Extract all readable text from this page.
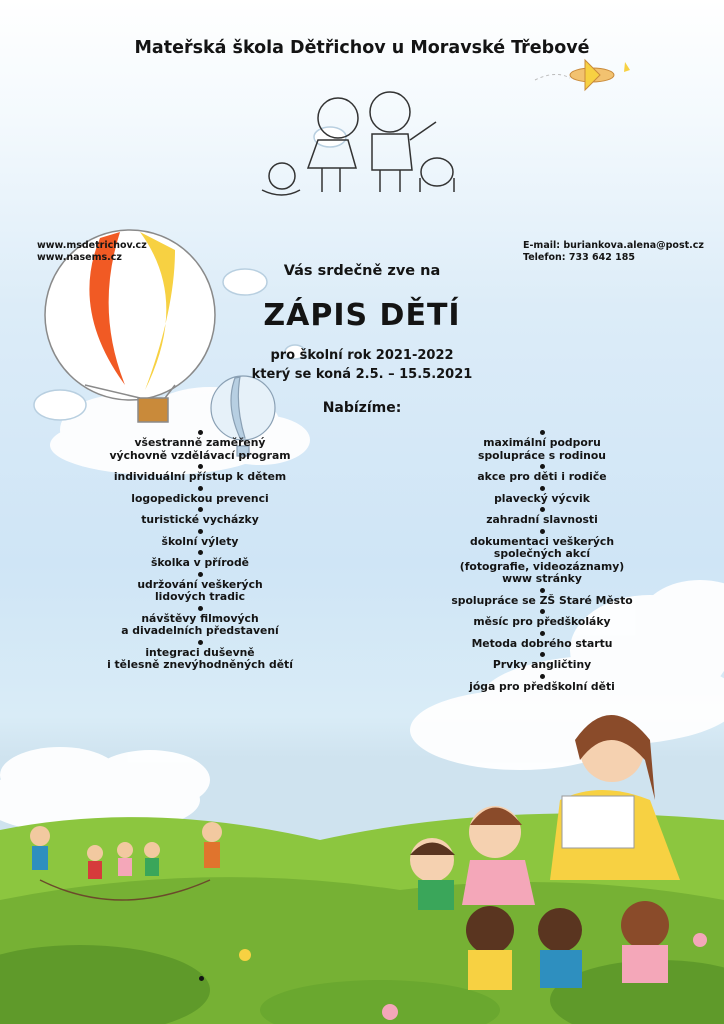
Mateřská škola Dětřichov u Moravské Třebové
www.msdetrichov.cz
www.nasems.cz
E-mail: buriankova.alena@post.cz
Telefon: 733 642 185
Vás srdečně zve na
ZÁPIS DĚTÍ
pro školní rok 2021-2022
který se koná 2.5. – 15.5.2021
Nabízíme:
všestranně zaměřený
výchovně vzdělávací program
individuální přístup k dětem
logopedickou prevenci
turistické vycházky
školní výlety
školka v přírodě
udržování veškerých
lidových tradic
návštěvy filmových
a divadelních představení
integraci duševně
i tělesně znevýhodněných dětí
maximální podporu
spolupráce s rodinou
akce pro děti i rodiče
plavecký výcvik
zahradní slavnosti
dokumentaci veškerých
společných akcí
(fotografie, videozáznamy)
www stránky
spolupráce se ZŠ Staré Město
měsíc pro předškoláky
Metoda dobrého startu
Prvky angličtiny
jóga pro předškolní děti
